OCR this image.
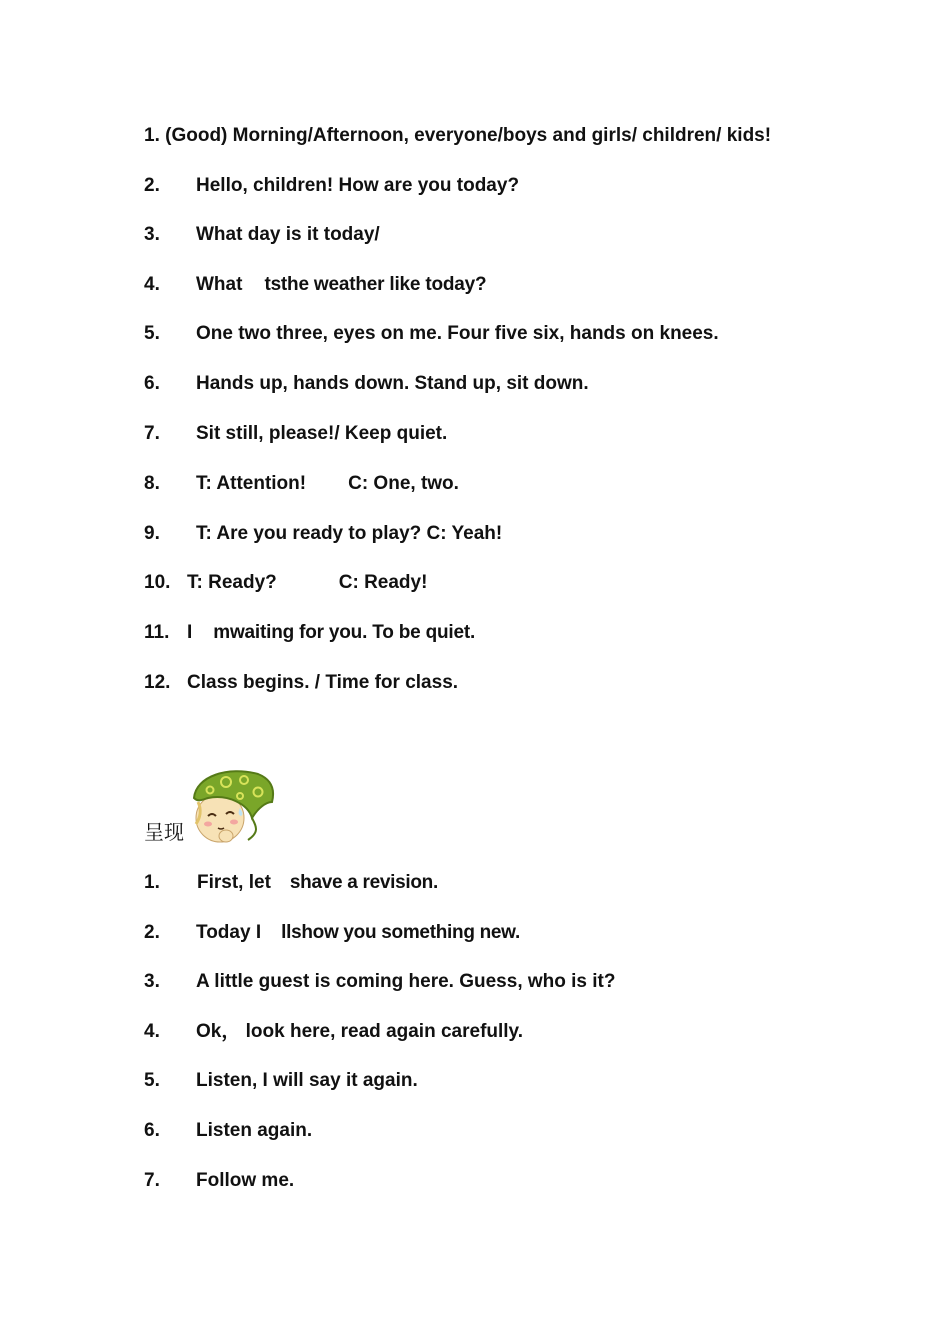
1. (Good) Morning/Afternoon, everyone/boys and girls/ children/ kids!
2. Hello, children! How are you today?
3. What day is it today/
4. What tsthe weather like today?
5. One two three, eyes on me. Four five six, hands on knees.
6. Hands up, hands down. Stand up, sit down.
7. Sit still, please!/ Keep quiet.
8. T: Attention! C: One, two.
9. T: Are you ready to play? C: Yeah!
10. T: Ready?	C: Ready!
11. I mwaiting for you. To be quiet.
12. Class begins. / Time for class.
呈现
1. First, let shave a revision.
2. Today I llshow you something new.
3. A little guest is coming here. Guess, who is it?
4. Ok， look here, read again carefully.
5. Listen, I will say it again.
6. Listen again.
7. Follow me.
